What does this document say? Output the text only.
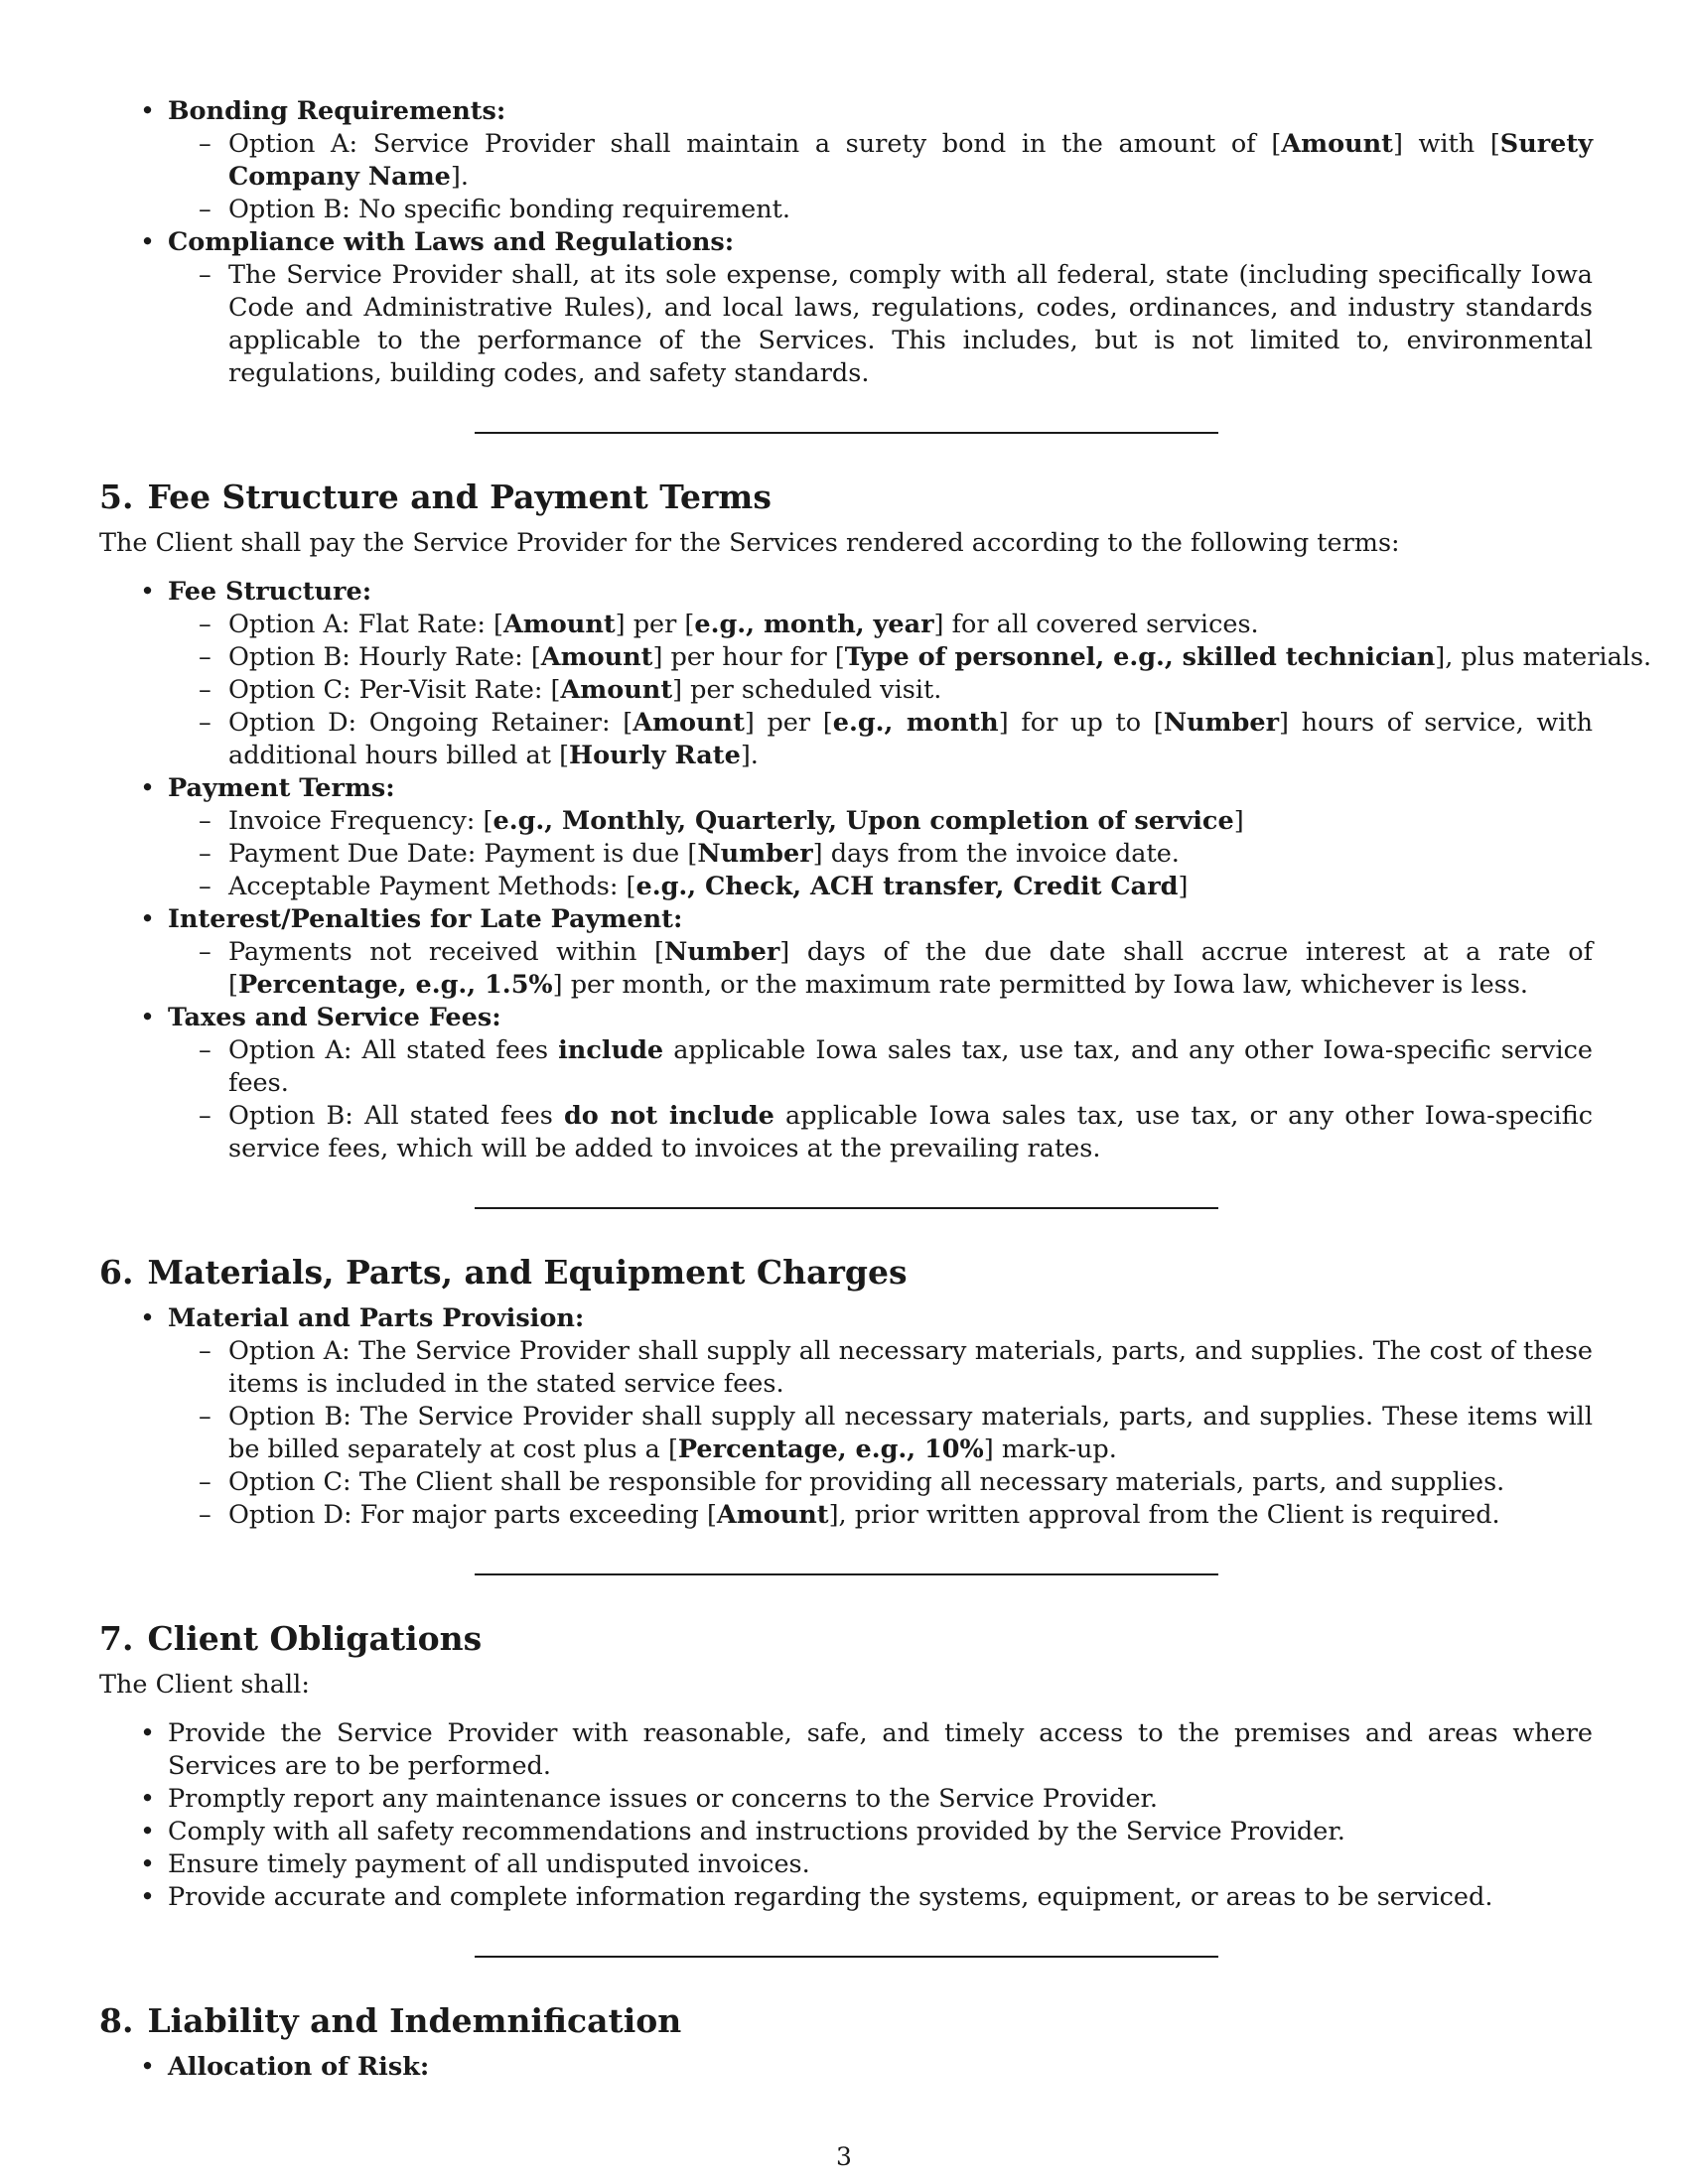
• Bonding Requirements:
– Option A: Service Provider shall maintain a surety bond in the amount of [Amount] with [Surety Company Name].
– Option B: No specific bonding requirement.
• Compliance with Laws and Regulations:
– The Service Provider shall, at its sole expense, comply with all federal, state (including specifically Iowa Code and Administrative Rules), and local laws, regulations, codes, ordinances, and industry standards applicable to the performance of the Services. This includes, but is not limited to, environmental regulations, building codes, and safety standards.
5. Fee Structure and Payment Terms

The Client shall pay the Service Provider for the Services rendered according to the following terms:

• Fee Structure:
– Option A: Flat Rate: [Amount] per [e.g., month, year] for all covered services.
– Option B: Hourly Rate: [Amount] per hour for [Type of personnel, e.g., skilled technician], plus materials.
– Option C: Per-Visit Rate: [Amount] per scheduled visit.
– Option D: Ongoing Retainer: [Amount] per [e.g., month] for up to [Number] hours of service, with additional hours billed at [Hourly Rate].
• Payment Terms:
– Invoice Frequency: [e.g., Monthly, Quarterly, Upon completion of service]
– Payment Due Date: Payment is due [Number] days from the invoice date.
– Acceptable Payment Methods: [e.g., Check, ACH transfer, Credit Card]
• Interest/Penalties for Late Payment:
– Payments not received within [Number] days of the due date shall accrue interest at a rate of [Percentage, e.g., 1.5%] per month, or the maximum rate permitted by Iowa law, whichever is less.
• Taxes and Service Fees:
– Option A: All stated fees include applicable Iowa sales tax, use tax, and any other Iowa-specific service fees.
– Option B: All stated fees do not include applicable Iowa sales tax, use tax, or any other Iowa-specific service fees, which will be added to invoices at the prevailing rates.
6. Materials, Parts, and Equipment Charges
• Material and Parts Provision:
– Option A: The Service Provider shall supply all necessary materials, parts, and supplies. The cost of these items is included in the stated service fees.
– Option B: The Service Provider shall supply all necessary materials, parts, and supplies. These items will be billed separately at cost plus a [Percentage, e.g., 10%] mark-up.
– Option C: The Client shall be responsible for providing all necessary materials, parts, and supplies.
– Option D: For major parts exceeding [Amount], prior written approval from the Client is required.
7. Client Obligations

The Client shall:

• Provide the Service Provider with reasonable, safe, and timely access to the premises and areas where Services are to be performed.
• Promptly report any maintenance issues or concerns to the Service Provider.
• Comply with all safety recommendations and instructions provided by the Service Provider.
• Ensure timely payment of all undisputed invoices.
• Provide accurate and complete information regarding the systems, equipment, or areas to be serviced.
8. Liability and Indemnification
• Allocation of Risk:
3
